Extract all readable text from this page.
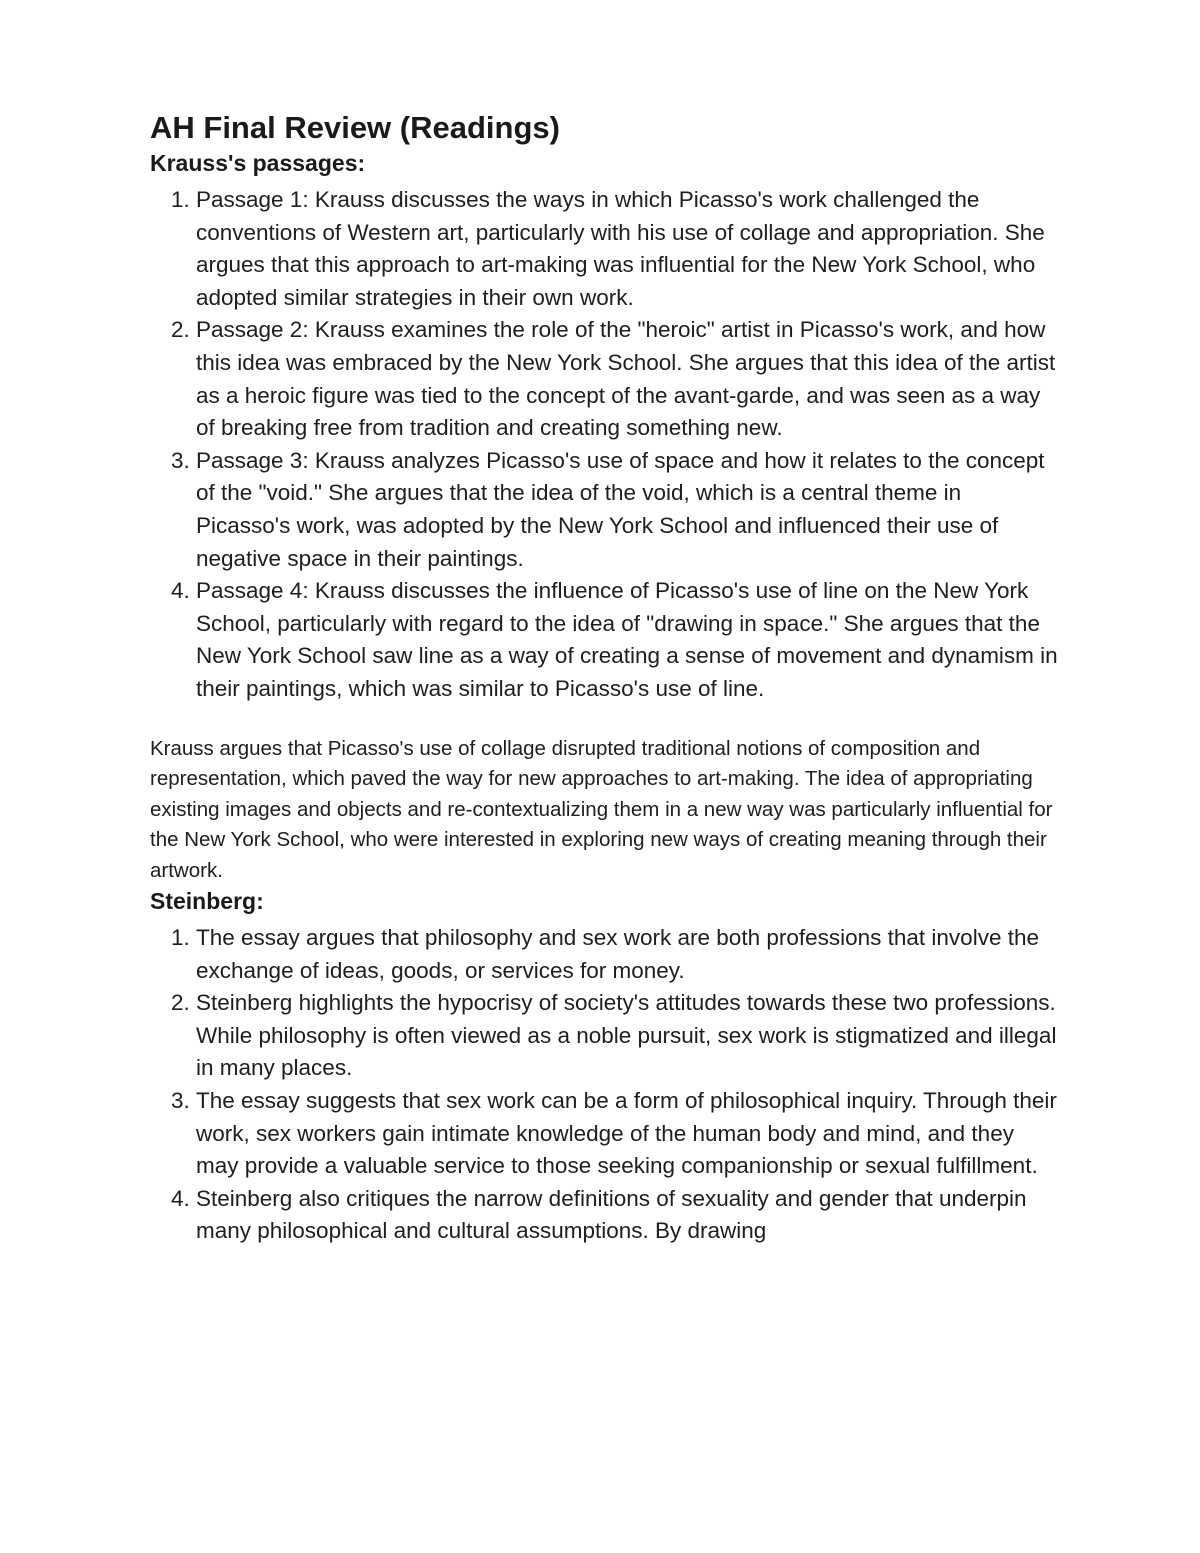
AH Final Review (Readings)
Krauss's passages:
1. Passage 1: Krauss discusses the ways in which Picasso's work challenged the conventions of Western art, particularly with his use of collage and appropriation. She argues that this approach to art-making was influential for the New York School, who adopted similar strategies in their own work.
2. Passage 2: Krauss examines the role of the "heroic" artist in Picasso's work, and how this idea was embraced by the New York School. She argues that this idea of the artist as a heroic figure was tied to the concept of the avant-garde, and was seen as a way of breaking free from tradition and creating something new.
3. Passage 3: Krauss analyzes Picasso's use of space and how it relates to the concept of the "void." She argues that the idea of the void, which is a central theme in Picasso's work, was adopted by the New York School and influenced their use of negative space in their paintings.
4. Passage 4: Krauss discusses the influence of Picasso's use of line on the New York School, particularly with regard to the idea of "drawing in space." She argues that the New York School saw line as a way of creating a sense of movement and dynamism in their paintings, which was similar to Picasso's use of line.

Krauss argues that Picasso's use of collage disrupted traditional notions of composition and representation, which paved the way for new approaches to art-making. The idea of appropriating existing images and objects and re-contextualizing them in a new way was particularly influential for the New York School, who were interested in exploring new ways of creating meaning through their artwork.

Steinberg:
1. The essay argues that philosophy and sex work are both professions that involve the exchange of ideas, goods, or services for money.
2. Steinberg highlights the hypocrisy of society's attitudes towards these two professions. While philosophy is often viewed as a noble pursuit, sex work is stigmatized and illegal in many places.
3. The essay suggests that sex work can be a form of philosophical inquiry. Through their work, sex workers gain intimate knowledge of the human body and mind, and they may provide a valuable service to those seeking companionship or sexual fulfillment.
4. Steinberg also critiques the narrow definitions of sexuality and gender that underpin many philosophical and cultural assumptions. By drawing
